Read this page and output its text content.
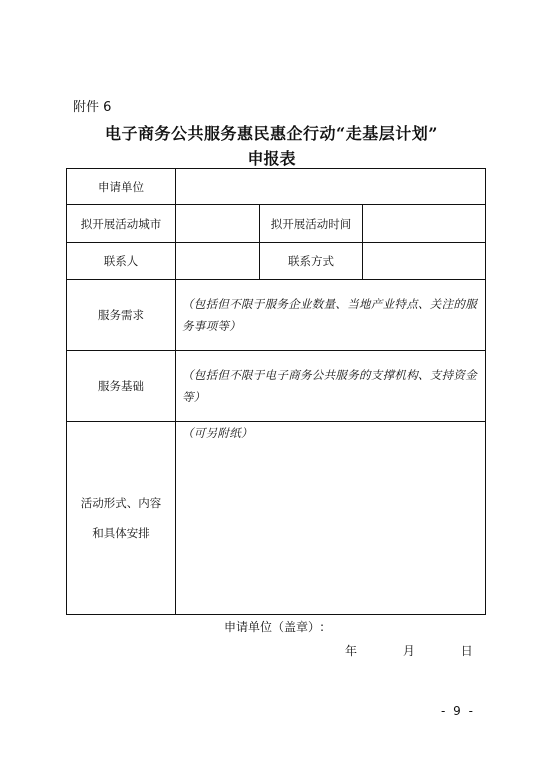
附件 6
电子商务公共服务惠民惠企行动“走基层计划”
申报表
申请单位			
拟开展活动城市		拟开展活动时间	
联系人		联系方式	
服务需求	（包括但不限于服务企业数量、当地产业特点、关注的服务事项等）		
服务基础	（包括但不限于电子商务公共服务的支撑机构、支持资金等）		

活动形式、内容
和具体安排	（可另附纸）		
申请单位（盖章）:
年	月	日
- 9 -
